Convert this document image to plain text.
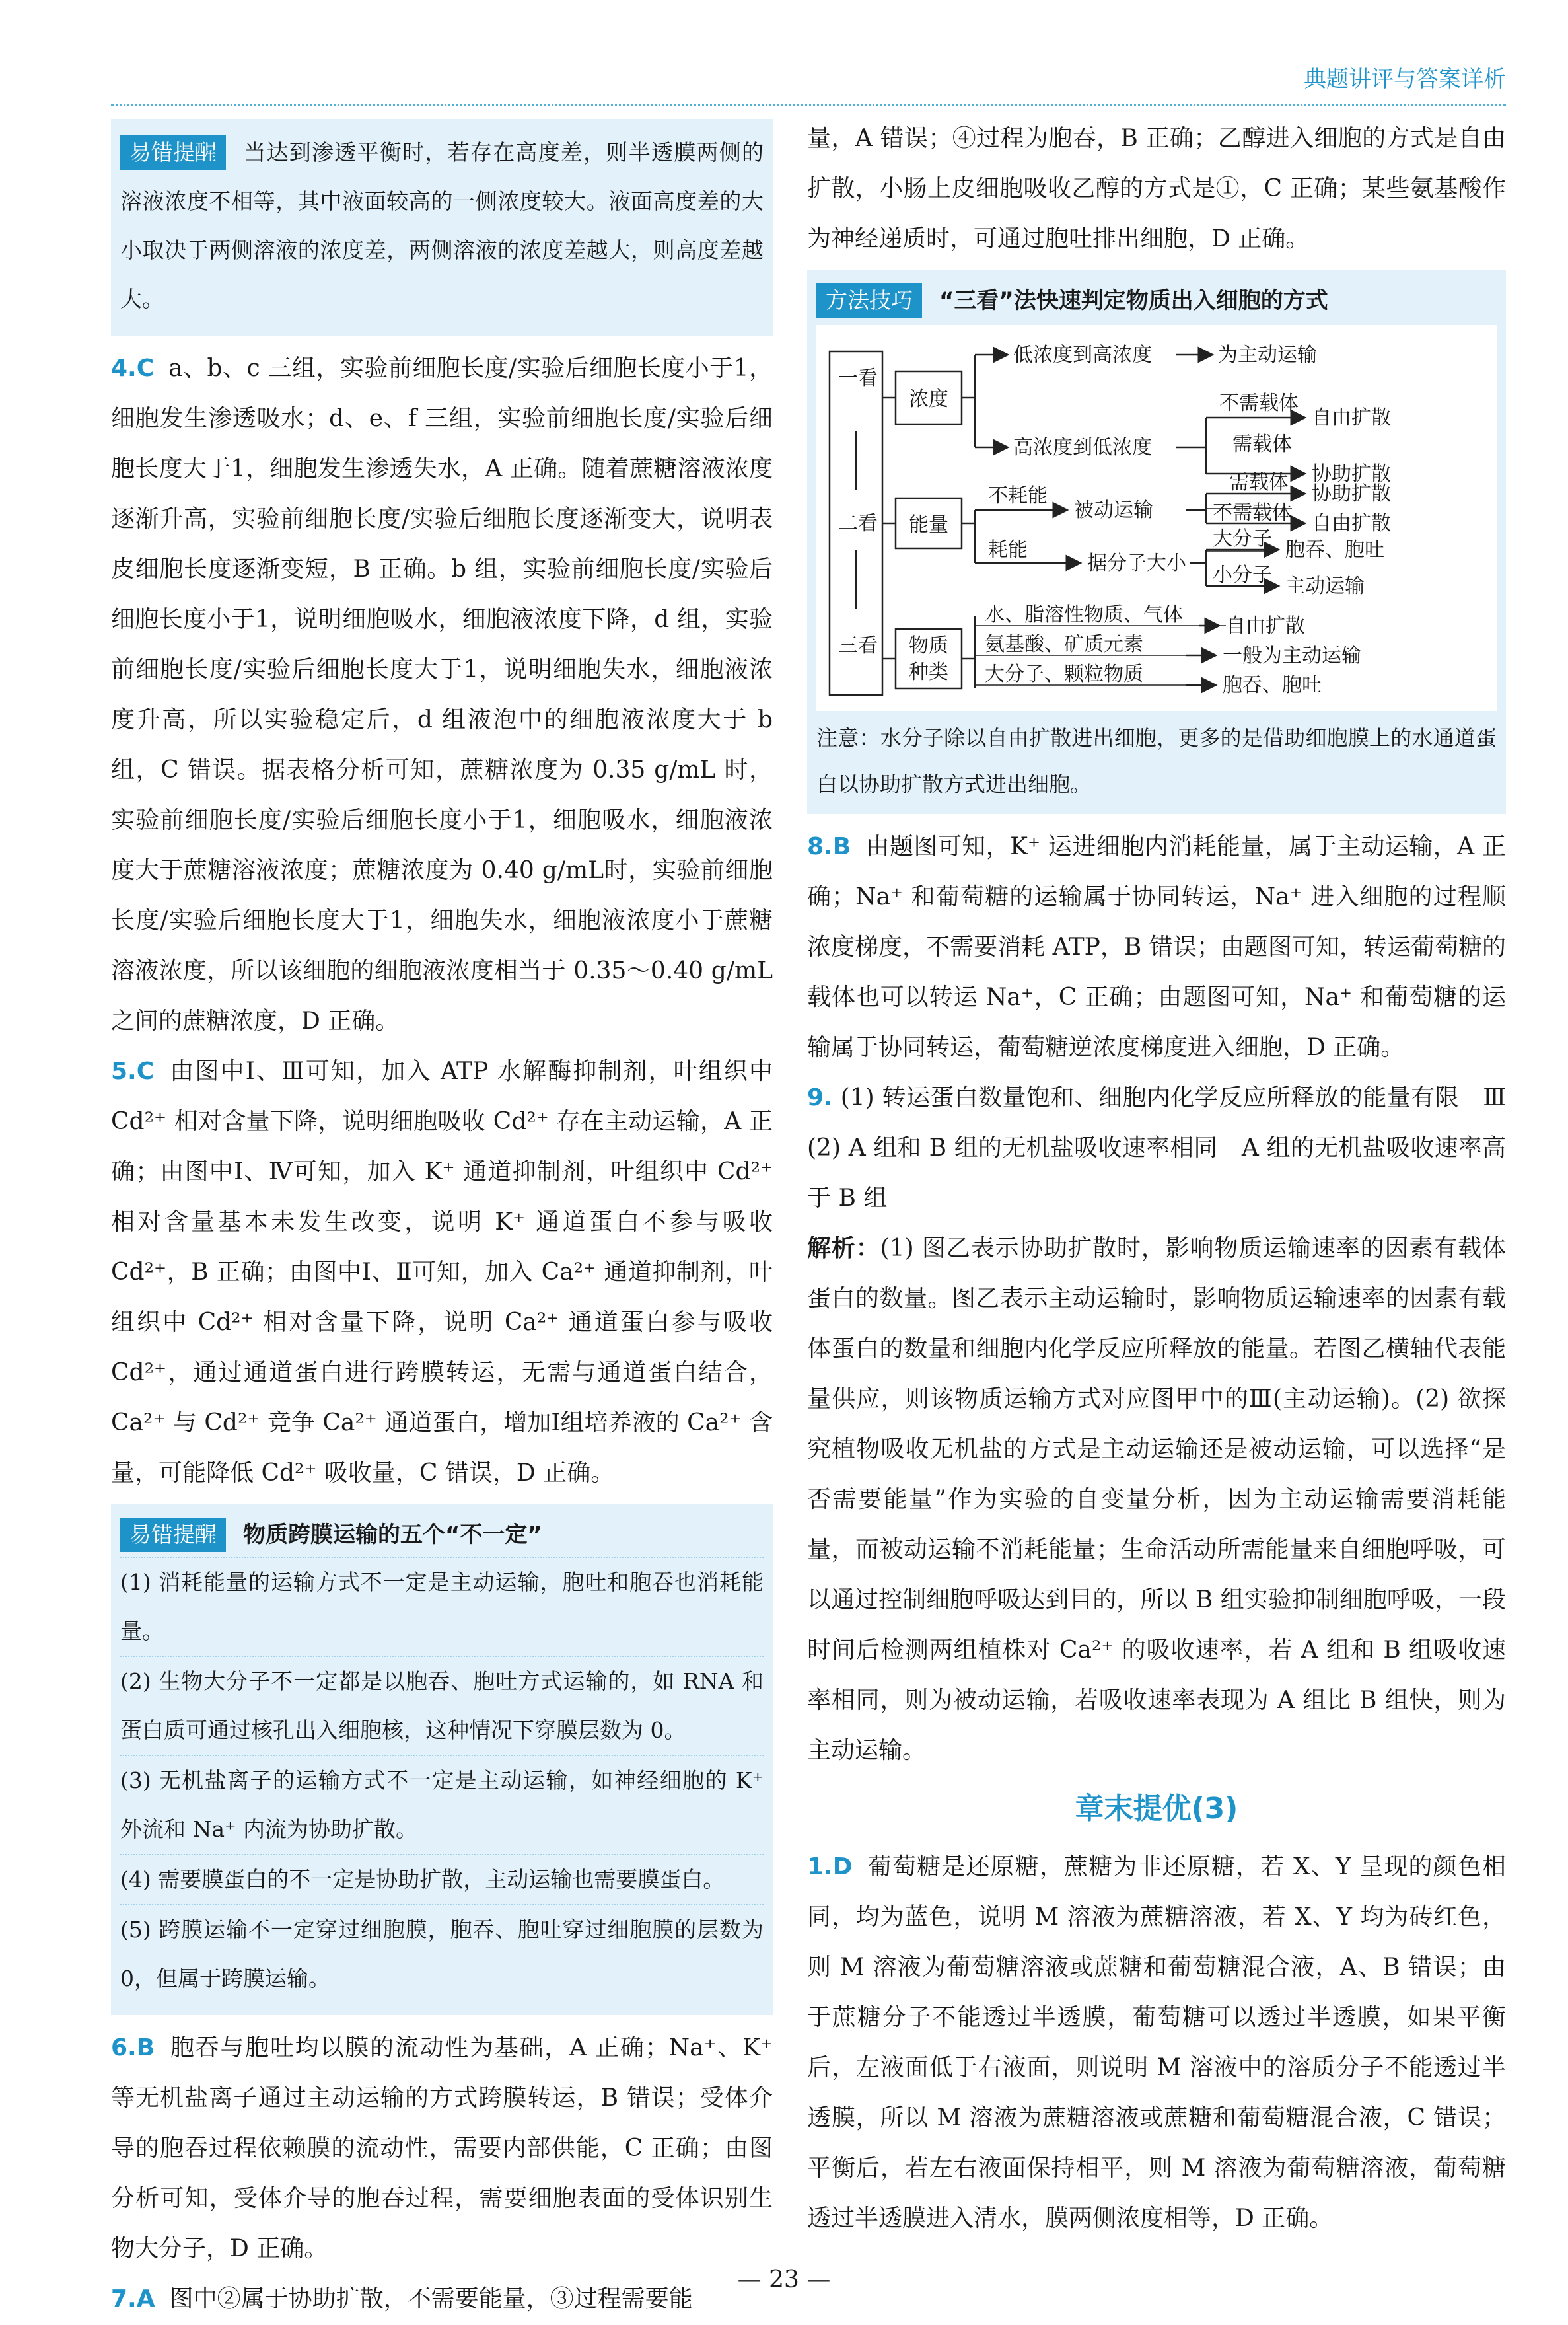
典题讲评与答案详析

易错提醒 当达到渗透平衡时，若存在高度差，则半透膜两侧的溶液浓度不相等，其中液面较高的一侧浓度较大。液面高度差的大小取决于两侧溶液的浓度差，两侧溶液的浓度差越大，则高度差越大。

4.C a、b、c 三组，实验前细胞长度/实验后细胞长度小于1，细胞发生渗透吸水；d、e、f 三组，实验前细胞长度/实验后细胞长度大于1，细胞发生渗透失水，A 正确。随着蔗糖溶液浓度逐渐升高，实验前细胞长度/实验后细胞长度逐渐变大，说明表皮细胞长度逐渐变短，B 正确。b 组，实验前细胞长度/实验后细胞长度小于1，说明细胞吸水，细胞液浓度下降，d 组，实验前细胞长度/实验后细胞长度大于1，说明细胞失水，细胞液浓度升高，所以实验稳定后，d 组液泡中的细胞液浓度大于 b 组，C 错误。据表格分析可知，蔗糖浓度为 0.35 g/mL 时，实验前细胞长度/实验后细胞长度小于1，细胞吸水，细胞液浓度大于蔗糖溶液浓度；蔗糖浓度为 0.40 g/mL时，实验前细胞长度/实验后细胞长度大于1，细胞失水，细胞液浓度小于蔗糖溶液浓度，所以该细胞的细胞液浓度相当于 0.35～0.40 g/mL 之间的蔗糖浓度，D 正确。

5.C 由图中Ⅰ、Ⅲ可知，加入 ATP 水解酶抑制剂，叶组织中 Cd²⁺ 相对含量下降，说明细胞吸收 Cd²⁺ 存在主动运输，A 正确；由图中Ⅰ、Ⅳ可知，加入 K⁺ 通道抑制剂，叶组织中 Cd²⁺ 相对含量基本未发生改变，说明 K⁺ 通道蛋白不参与吸收 Cd²⁺，B 正确；由图中Ⅰ、Ⅱ可知，加入 Ca²⁺ 通道抑制剂，叶组织中 Cd²⁺ 相对含量下降，说明 Ca²⁺ 通道蛋白参与吸收 Cd²⁺，通过通道蛋白进行跨膜转运，无需与通道蛋白结合，Ca²⁺ 与 Cd²⁺ 竞争 Ca²⁺ 通道蛋白，增加Ⅰ组培养液的 Ca²⁺ 含量，可能降低 Cd²⁺ 吸收量，C 错误，D 正确。

易错提醒 物质跨膜运输的五个“不一定”

(1) 消耗能量的运输方式不一定是主动运输，胞吐和胞吞也消耗能量。

(2) 生物大分子不一定都是以胞吞、胞吐方式运输的，如 RNA 和蛋白质可通过核孔出入细胞核，这种情况下穿膜层数为 0。

(3) 无机盐离子的运输方式不一定是主动运输，如神经细胞的 K⁺ 外流和 Na⁺ 内流为协助扩散。

(4) 需要膜蛋白的不一定是协助扩散，主动运输也需要膜蛋白。

(5) 跨膜运输不一定穿过细胞膜，胞吞、胞吐穿过细胞膜的层数为 0，但属于跨膜运输。

6.B 胞吞与胞吐均以膜的流动性为基础，A 正确；Na⁺、K⁺ 等无机盐离子通过主动运输的方式跨膜转运，B 错误；受体介导的胞吞过程依赖膜的流动性，需要内部供能，C 正确；由图分析可知，受体介导的胞吞过程，需要细胞表面的受体识别生物大分子，D 正确。

7.A 图中②属于协助扩散，不需要能量，③过程需要能

量，A 错误；④过程为胞吞，B 正确；乙醇进入细胞的方式是自由扩散，小肠上皮细胞吸收乙醇的方式是①，C 正确；某些氨基酸作为神经递质时，可通过胞吐排出细胞，D 正确。

方法技巧 “三看”法快速判定物质出入细胞的方式
一看
二看
三看
浓度
能量
物质
种类
低浓度到高浓度	为主动运输
高浓度到低浓度
不需载体
自由扩散
需载体
协助扩散
不耗能
被动运输
需载体 协助扩散
不需载体 自由扩散
耗能
据分子大小
大分子 胞吞、胞吐
小分子 主动运输
水、脂溶性物质、气体 自由扩散
氨基酸、矿质元素	一般为主动运输
大分子、颗粒物质	胞吞、胞吐

注意：水分子除以自由扩散进出细胞，更多的是借助细胞膜上的水通道蛋白以协助扩散方式进出细胞。

8.B 由题图可知，K⁺ 运进细胞内消耗能量，属于主动运输，A 正确；Na⁺ 和葡萄糖的运输属于协同转运，Na⁺ 进入细胞的过程顺浓度梯度，不需要消耗 ATP，B 错误；由题图可知，转运葡萄糖的载体也可以转运 Na⁺，C 正确；由题图可知，Na⁺ 和葡萄糖的运输属于协同转运，葡萄糖逆浓度梯度进入细胞，D 正确。

9. (1) 转运蛋白数量饱和、细胞内化学反应所释放的能量有限　Ⅲ　(2) A 组和 B 组的无机盐吸收速率相同　A 组的无机盐吸收速率高于 B 组

解析：(1) 图乙表示协助扩散时，影响物质运输速率的因素有载体蛋白的数量。图乙表示主动运输时，影响物质运输速率的因素有载体蛋白的数量和细胞内化学反应所释放的能量。若图乙横轴代表能量供应，则该物质运输方式对应图甲中的Ⅲ(主动运输)。(2) 欲探究植物吸收无机盐的方式是主动运输还是被动运输，可以选择“是否需要能量”作为实验的自变量分析，因为主动运输需要消耗能量，而被动运输不消耗能量；生命活动所需能量来自细胞呼吸，可以通过控制细胞呼吸达到目的，所以 B 组实验抑制细胞呼吸，一段时间后检测两组植株对 Ca²⁺ 的吸收速率，若 A 组和 B 组吸收速率相同，则为被动运输，若吸收速率表现为 A 组比 B 组快，则为主动运输。

章末提优(3)

1.D 葡萄糖是还原糖，蔗糖为非还原糖，若 X、Y 呈现的颜色相同，均为蓝色，说明 M 溶液为蔗糖溶液，若 X、Y 均为砖红色，则 M 溶液为葡萄糖溶液或蔗糖和葡萄糖混合液，A、B 错误；由于蔗糖分子不能透过半透膜，葡萄糖可以透过半透膜，如果平衡后，左液面低于右液面，则说明 M 溶液中的溶质分子不能透过半透膜，所以 M 溶液为蔗糖溶液或蔗糖和葡萄糖混合液，C 错误；平衡后，若左右液面保持相平，则 M 溶液为葡萄糖溶液，葡萄糖透过半透膜进入清水，膜两侧浓度相等，D 正确。

— 23 —
